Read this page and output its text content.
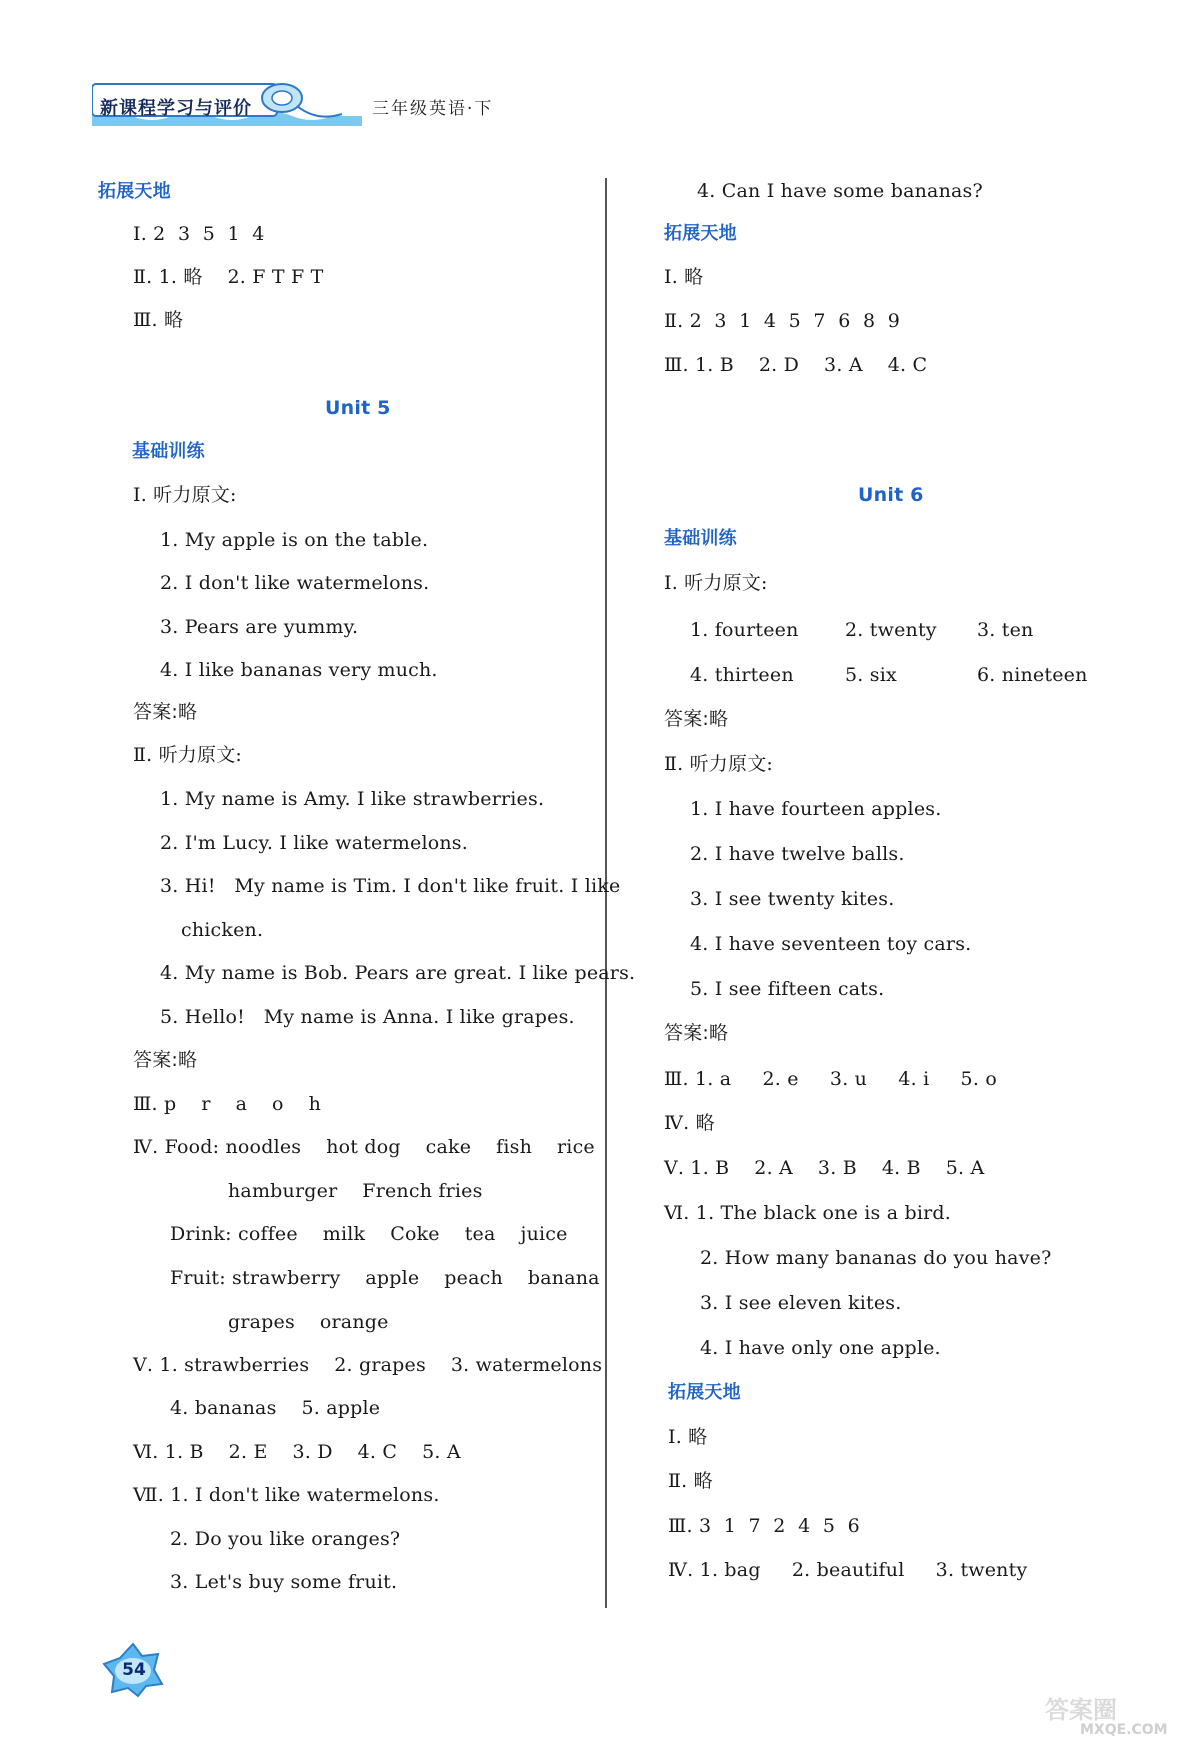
新课程学习与评价	三年级英语·下
拓展天地
Ⅰ. 2  3  5  1  4
Ⅱ. 1. 略    2. F T F T
Ⅲ. 略
Unit 5
基础训练
Ⅰ. 听力原文:
1. My apple is on the table.
2. I don't like watermelons.
3. Pears are yummy.
4. I like bananas very much.
答案:略
Ⅱ. 听力原文:
1. My name is Amy. I like strawberries.
2. I'm Lucy. I like watermelons.
3. Hi!   My name is Tim. I don't like fruit. I like
chicken.
4. My name is Bob. Pears are great. I like pears.
5. Hello!   My name is Anna. I like grapes.
答案:略
Ⅲ. p    r    a    o    h
Ⅳ. Food: noodles    hot dog    cake    fish    rice
hamburger    French fries
Drink: coffee    milk    Coke    tea    juice
Fruit: strawberry    apple    peach    banana
grapes    orange
Ⅴ. 1. strawberries    2. grapes    3. watermelons
4. bananas    5. apple
Ⅵ. 1. B    2. E    3. D    4. C    5. A
Ⅶ. 1. I don't like watermelons.
2. Do you like oranges?
3. Let's buy some fruit.
4. Can I have some bananas?
拓展天地
Ⅰ. 略
Ⅱ. 2  3  1  4  5  7  6  8  9
Ⅲ. 1. B    2. D    3. A    4. C
Unit 6
基础训练
Ⅰ. 听力原文:
1. fourteen 2. twenty 3. ten
4. thirteen	5. six	6. nineteen
答案:略
Ⅱ. 听力原文:
1. I have fourteen apples.
2. I have twelve balls.
3. I see twenty kites.
4. I have seventeen toy cars.
5. I see fifteen cats.
答案:略
Ⅲ. 1. a     2. e     3. u     4. i     5. o
Ⅳ. 略
Ⅴ. 1. B    2. A    3. B    4. B    5. A
Ⅵ. 1. The black one is a bird.
2. How many bananas do you have?
3. I see eleven kites.
4. I have only one apple.
拓展天地
Ⅰ. 略
Ⅱ. 略
Ⅲ. 3  1  7  2  4  5  6
Ⅳ. 1. bag     2. beautiful     3. twenty
54
答案圈
MXQE.COM
